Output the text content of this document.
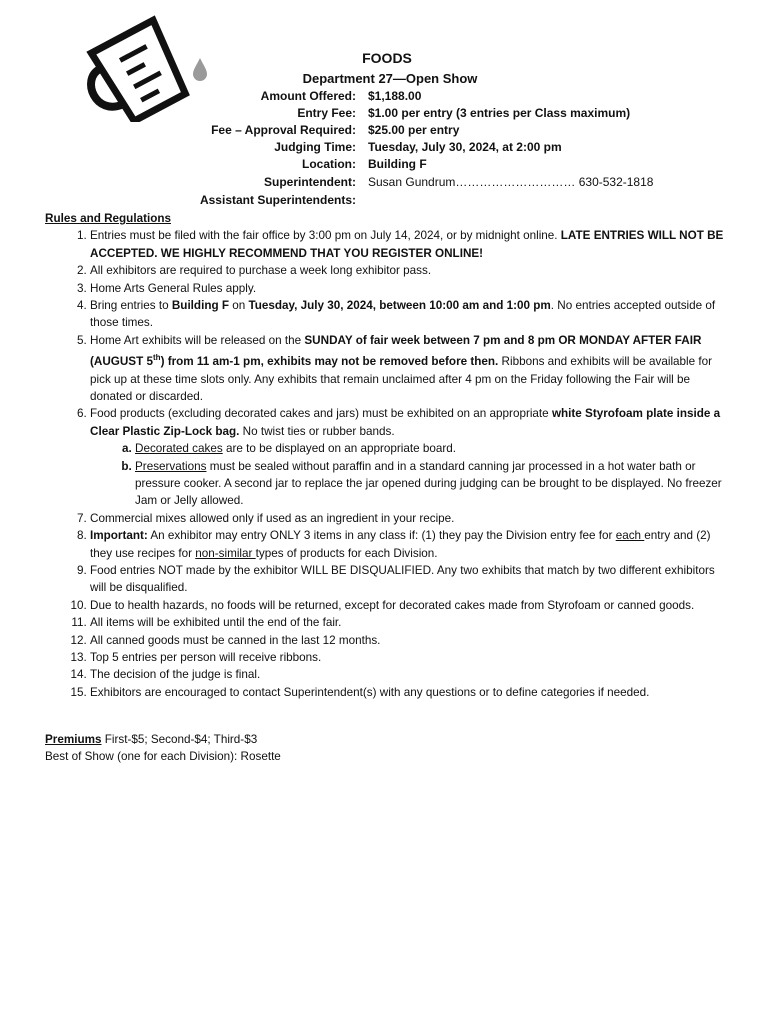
FOODS
Department 27—Open Show
Amount Offered: $1,188.00
Entry Fee: $1.00 per entry (3 entries per Class maximum)
Fee – Approval Required: $25.00 per entry
Judging Time: Tuesday, July 30, 2024, at 2:00 pm
Location: Building F
Superintendent: Susan Gundrum………………………… 630-532-1818
Assistant Superintendents:
Rules and Regulations
1. Entries must be filed with the fair office by 3:00 pm on July 14, 2024, or by midnight online. LATE ENTRIES WILL NOT BE ACCEPTED. WE HIGHLY RECOMMEND THAT YOU REGISTER ONLINE!
2. All exhibitors are required to purchase a week long exhibitor pass.
3. Home Arts General Rules apply.
4. Bring entries to Building F on Tuesday, July 30, 2024, between 10:00 am and 1:00 pm. No entries accepted outside of those times.
5. Home Art exhibits will be released on the SUNDAY of fair week between 7 pm and 8 pm OR MONDAY AFTER FAIR (AUGUST 5th) from 11 am-1 pm, exhibits may not be removed before then. Ribbons and exhibits will be available for pick up at these time slots only. Any exhibits that remain unclaimed after 4 pm on the Friday following the Fair will be donated or discarded.
6. Food products (excluding decorated cakes and jars) must be exhibited on an appropriate white Styrofoam plate inside a Clear Plastic Zip-Lock bag. No twist ties or rubber bands.
a. Decorated cakes are to be displayed on an appropriate board.
b. Preservations must be sealed without paraffin and in a standard canning jar processed in a hot water bath or pressure cooker. A second jar to replace the jar opened during judging can be brought to be displayed. No freezer Jam or Jelly allowed.
7. Commercial mixes allowed only if used as an ingredient in your recipe.
8. Important: An exhibitor may entry ONLY 3 items in any class if: (1) they pay the Division entry fee for each entry and (2) they use recipes for non-similar types of products for each Division.
9. Food entries NOT made by the exhibitor WILL BE DISQUALIFIED. Any two exhibits that match by two different exhibitors will be disqualified.
10. Due to health hazards, no foods will be returned, except for decorated cakes made from Styrofoam or canned goods.
11. All items will be exhibited until the end of the fair.
12. All canned goods must be canned in the last 12 months.
13. Top 5 entries per person will receive ribbons.
14. The decision of the judge is final.
15. Exhibitors are encouraged to contact Superintendent(s) with any questions or to define categories if needed.
Premiums First-$5; Second-$4; Third-$3
Best of Show (one for each Division): Rosette
